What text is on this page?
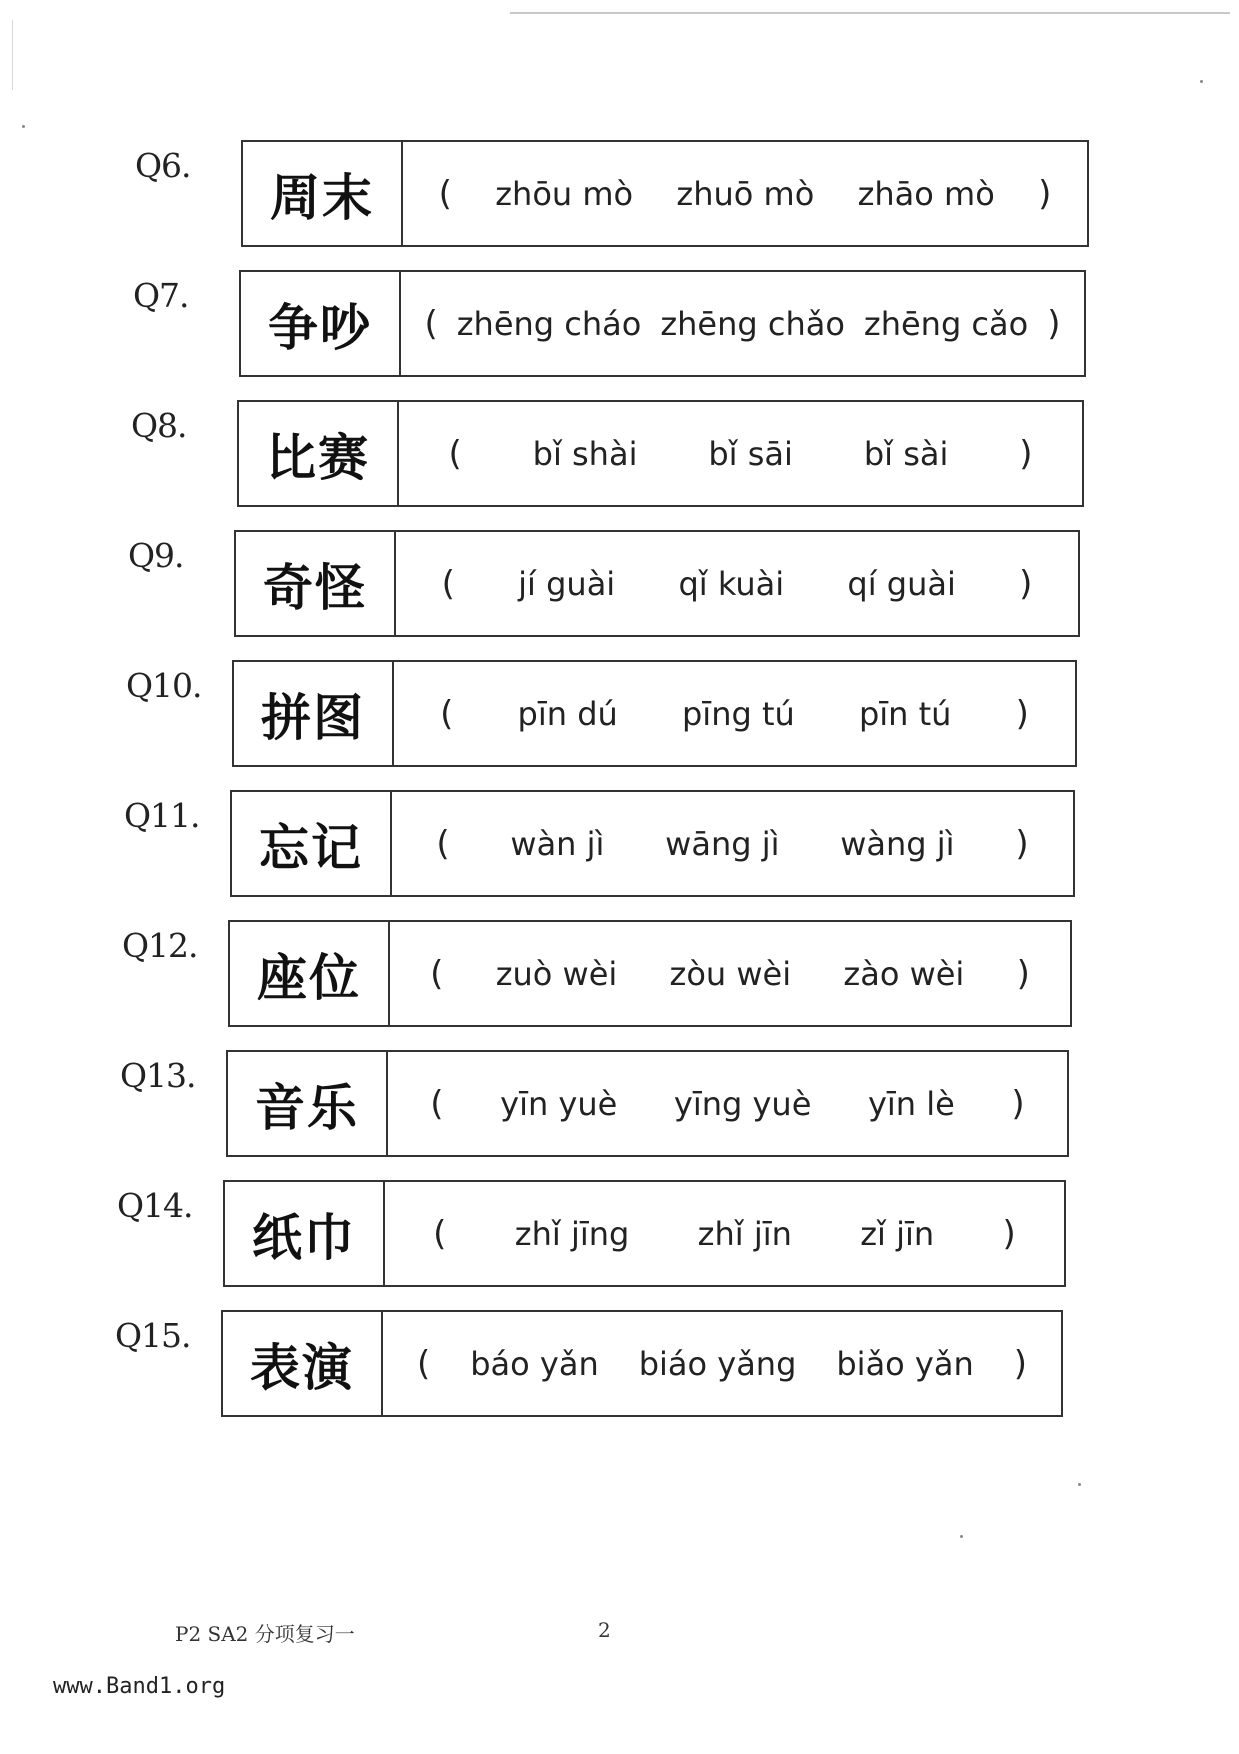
Q6.
周末	( zhōu mò zhuō mò zhāo mò )
Q7.
争吵	( zhēng cháo zhēng chǎo zhēng cǎo )
Q8.
比赛	( bǐ shài bǐ sāi bǐ sài )
Q9.
奇怪	( jí guài qǐ kuài qí guài )
Q10.
拼图	( pīn dú pīng tú pīn tú )
Q11.
忘记	( wàn jì wāng jì wàng jì )
Q12.
座位	( zuò wèi zòu wèi zào wèi )
Q13.
音乐	( yīn yuè yīng yuè yīn lè )
Q14.
纸巾	( zhǐ jīng zhǐ jīn zǐ jīn )
Q15.
表演	( báo yǎn biáo yǎng biǎo yǎn )
P2 SA2 分项复习一	2
www.Band1.org
